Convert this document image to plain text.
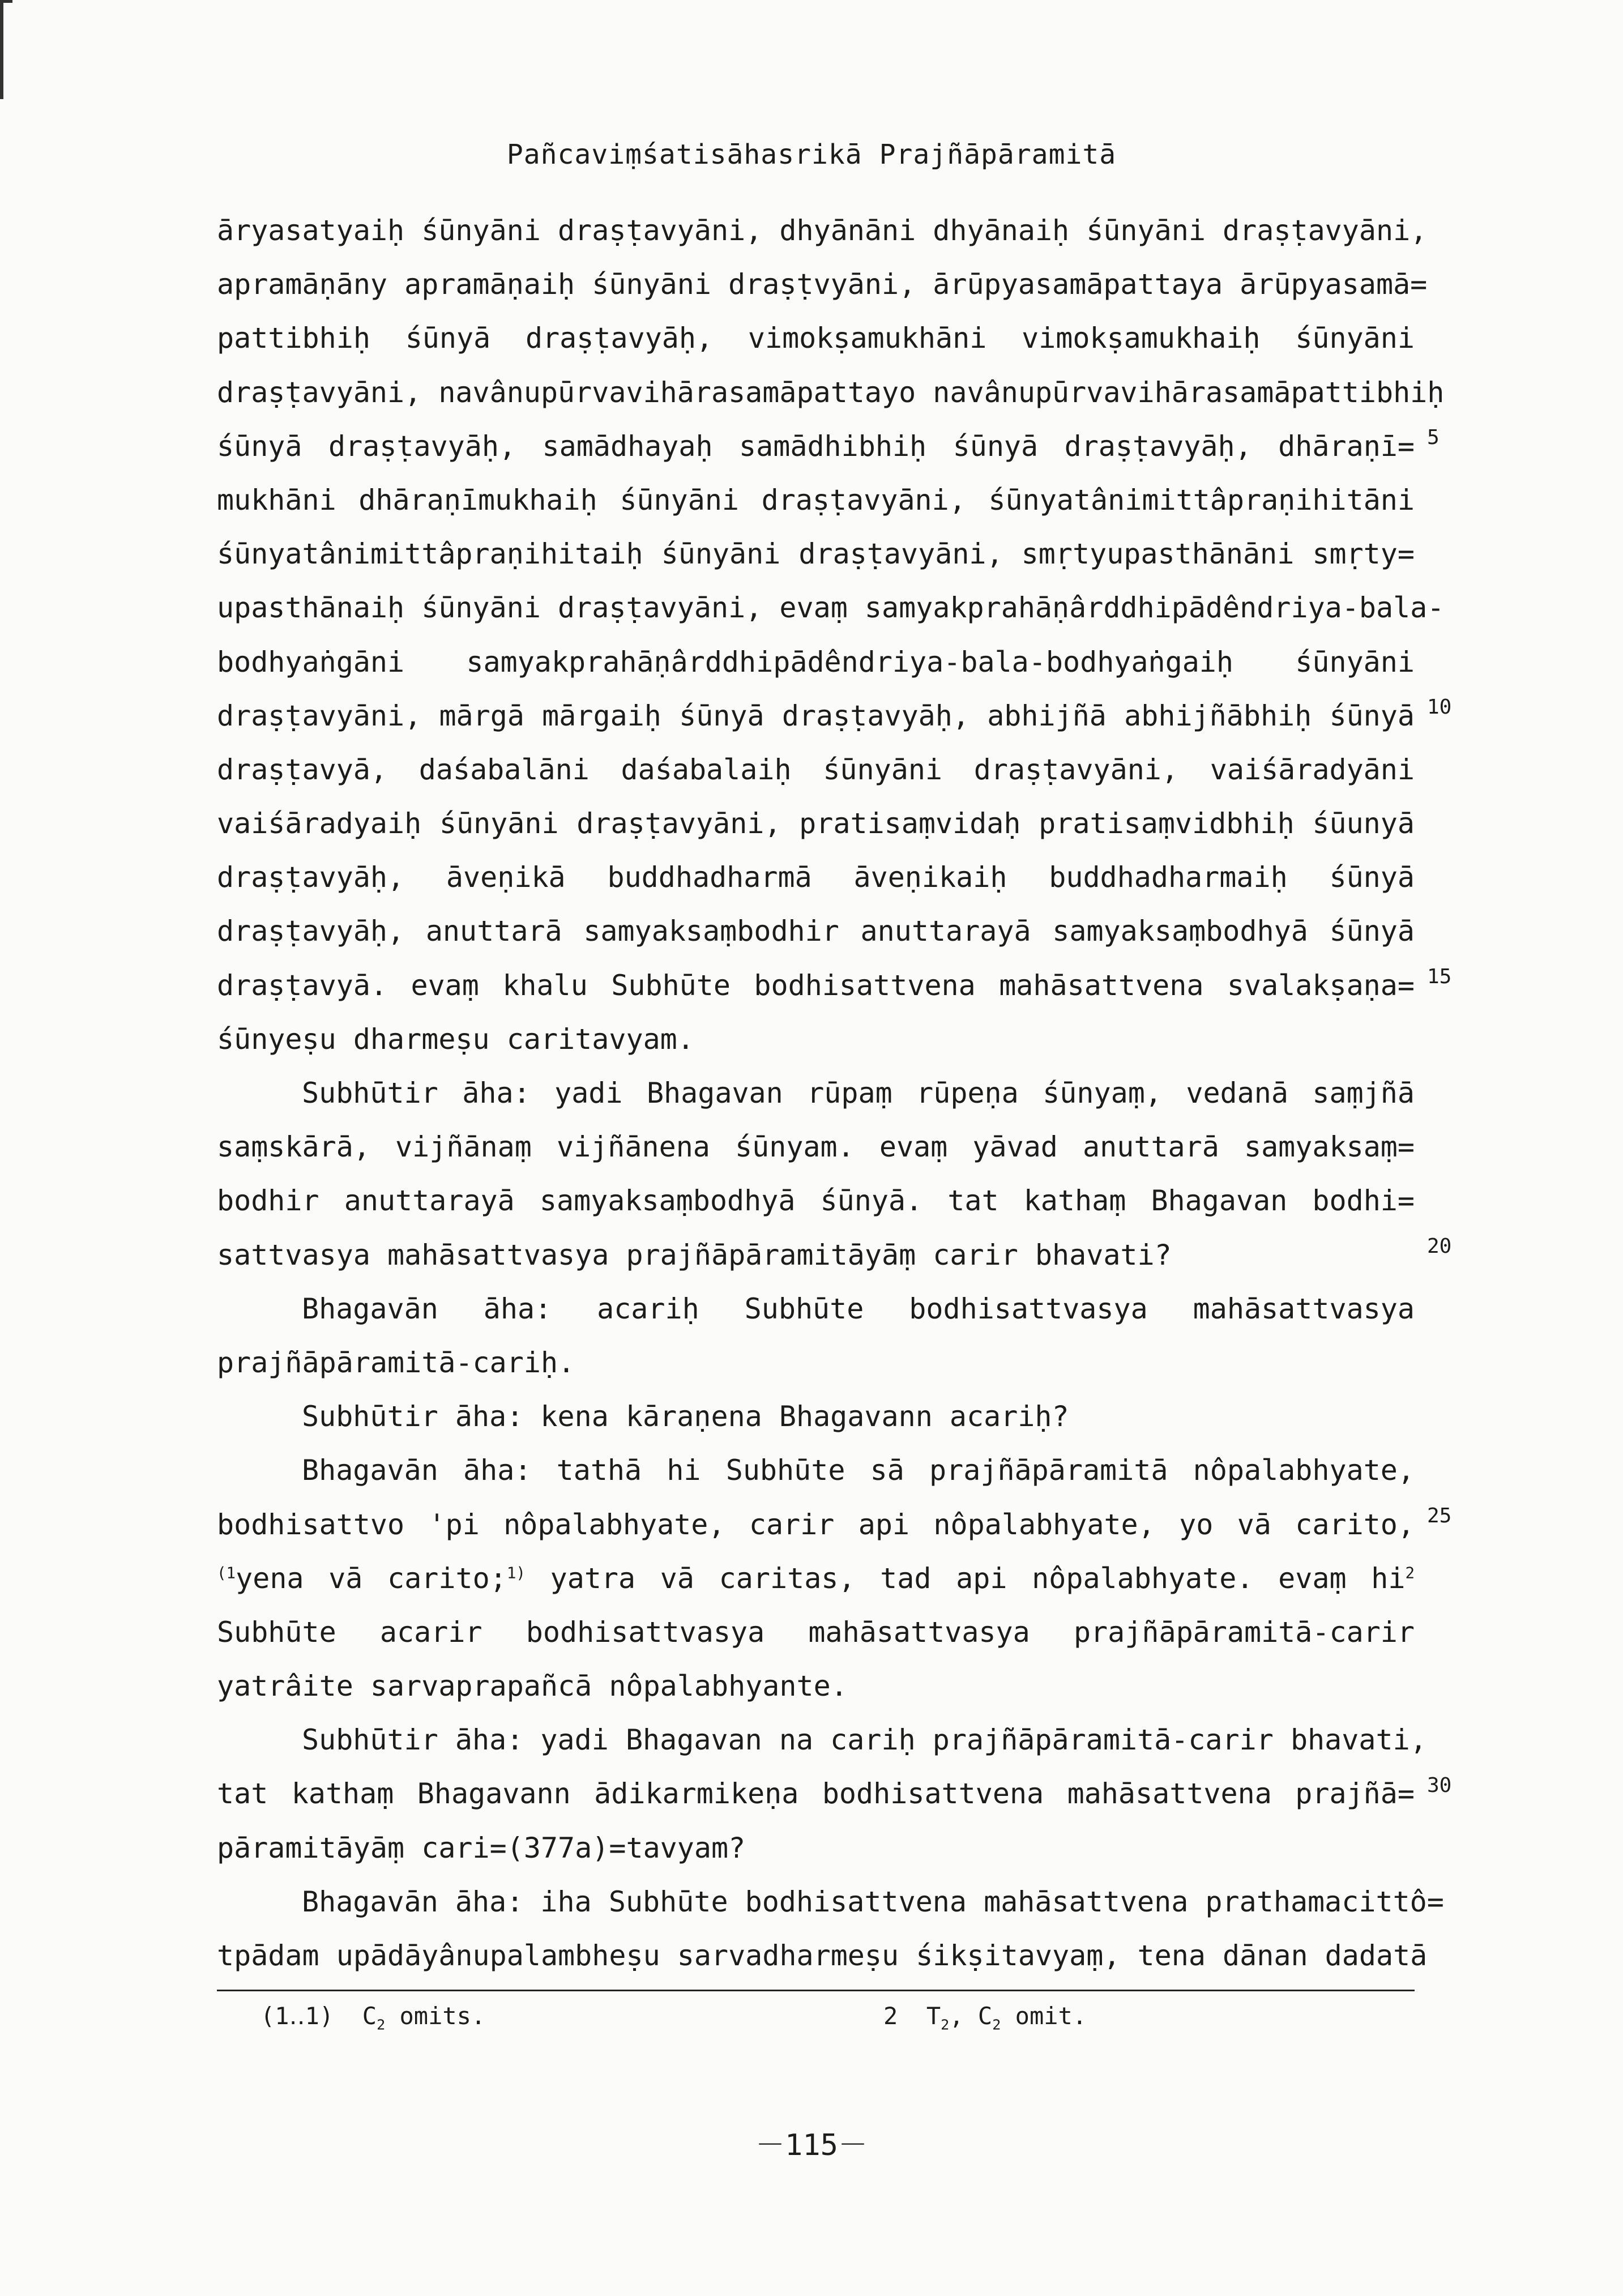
Pañcaviṃśatisāhasrikā Prajñāpāramitā
āryasatyaiḥ śūnyāni draṣṭavyāni, dhyānāni dhyānaiḥ śūnyāni draṣṭavyāni,
apramāṇāny apramāṇaiḥ śūnyāni draṣṭvyāni, ārūpyasamāpattaya ārūpyasamā=
pattibhiḥ śūnyā draṣṭavyāḥ, vimokṣamukhāni vimokṣamukhaiḥ śūnyāni
draṣṭavyāni, navânupūrvavihārasamāpattayo navânupūrvavihārasamāpattibhiḥ
śūnyā draṣṭavyāḥ, samādhayaḥ samādhibhiḥ śūnyā draṣṭavyāḥ, dhāraṇī=
mukhāni dhāraṇīmukhaiḥ śūnyāni draṣṭavyāni, śūnyatânimittâpraṇihitāni
śūnyatânimittâpraṇihitaiḥ śūnyāni draṣṭavyāni, smṛtyupasthānāni smṛty=
upasthānaiḥ śūnyāni draṣṭavyāni, evaṃ samyakprahāṇârddhipādêndriya-bala-
bodhyaṅgāni samyakprahāṇârddhipādêndriya-bala-bodhyaṅgaiḥ śūnyāni
draṣṭavyāni, mārgā mārgaiḥ śūnyā draṣṭavyāḥ, abhijñā abhijñābhiḥ śūnyā
draṣṭavyā, daśabalāni daśabalaiḥ śūnyāni draṣṭavyāni, vaiśāradyāni
vaiśāradyaiḥ śūnyāni draṣṭavyāni, pratisaṃvidaḥ pratisaṃvidbhiḥ śūunyā
draṣṭavyāḥ, āveṇikā buddhadharmā āveṇikaiḥ buddhadharmaiḥ śūnyā
draṣṭavyāḥ, anuttarā samyaksaṃbodhir anuttarayā samyaksaṃbodhyā śūnyā
draṣṭavyā. evaṃ khalu Subhūte bodhisattvena mahāsattvena svalakṣaṇa=
śūnyeṣu dharmeṣu caritavyam.
Subhūtir āha: yadi Bhagavan rūpaṃ rūpeṇa śūnyaṃ, vedanā saṃjñā
saṃskārā, vijñānaṃ vijñānena śūnyam. evaṃ yāvad anuttarā samyaksaṃ=
bodhir anuttarayā samyaksaṃbodhyā śūnyā. tat kathaṃ Bhagavan bodhi=
sattvasya mahāsattvasya prajñāpāramitāyāṃ carir bhavati?
Bhagavān āha: acariḥ Subhūte bodhisattvasya mahāsattvasya
prajñāpāramitā-cariḥ.
Subhūtir āha: kena kāraṇena Bhagavann acariḥ?
Bhagavān āha: tathā hi Subhūte sā prajñāpāramitā nôpalabhyate,
bodhisattvo 'pi nôpalabhyate, carir api nôpalabhyate, yo vā carito,
$^{(1}$yena vā carito;$^{1)}$ yatra vā caritas, tad api nôpalabhyate. evaṃ $hi^2$
Subhūte acarir bodhisattvasya mahāsattvasya prajñāpāramitā-carir
yatrâite sarvaprapañcā nôpalabhyante.
Subhūtir āha: yadi Bhagavan na cariḥ prajñāpāramitā-carir bhavati,
tat kathaṃ Bhagavann ādikarmikeṇa bodhisattvena mahāsattvena prajñā=
pāramitāyāṃ cari=(377a)=tavyam?
Bhagavān āha: iha Subhūte bodhisattvena mahāsattvena prathamacittô=
tpādam upādāyânupalambheṣu sarvadharmeṣu śikṣitavyaṃ, tena dānan dadatā
5
10
15
20
25
30
(1‥1) $C_2$ omits.	2 $T_2$, $C_2$ omit.
－115－
